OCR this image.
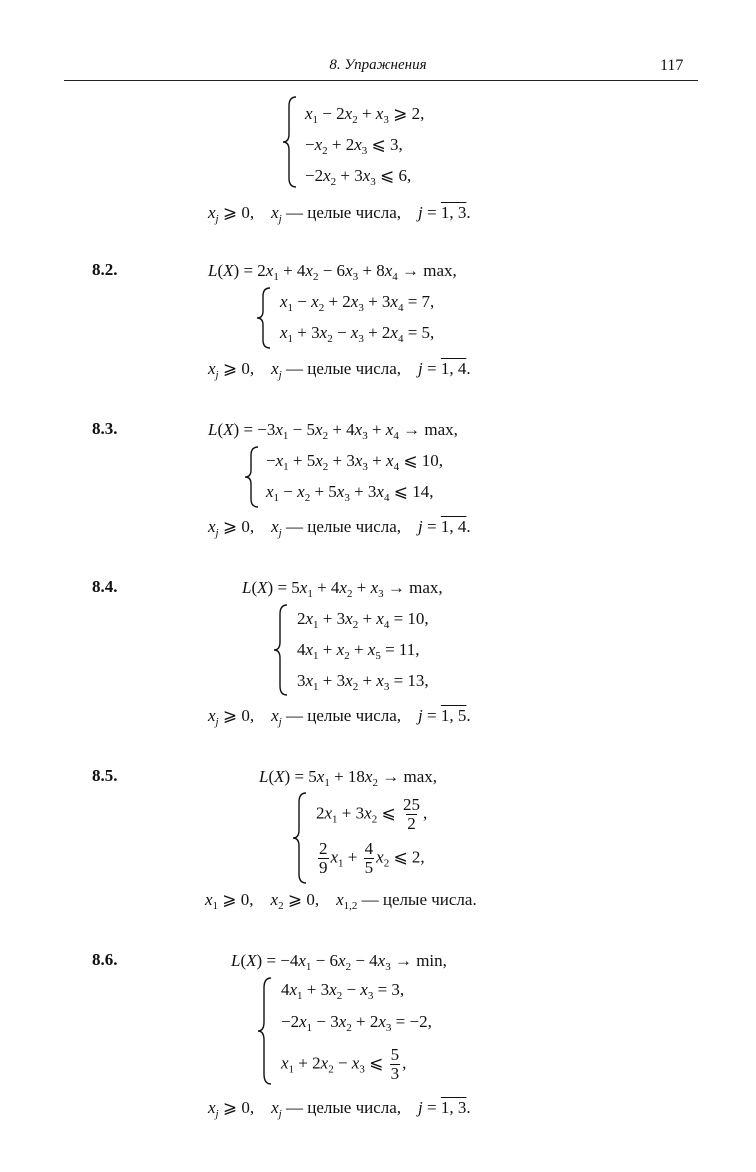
8. Упражнения	117
$x_1 - 2x_2 + x_3$ ⩾ 2,
$-x_2 + 2x_3$ ⩽ 3,
$-2x_2 + 3x_3$ ⩽ 6,
$x_j$ ⩾ 0,    $x_j$ — целые числа,    j = 1, 3.
8.2.	$L(X) = 2x_1 + 4x_2 - 6x_3 + 8x_4 \to \max$,
$x_1 - x_2 + 2x_3 + 3x_4 = 7$,
$x_1 + 3x_2 - x_3 + 2x_4 = 5$,
$x_j$ ⩾ 0,    $x_j$ — целые числа,    j = 1, 4.
8.3.	$L(X) = -3x_1 - 5x_2 + 4x_3 + x_4 \to \max$,
$-x_1 + 5x_2 + 3x_3 + x_4$ ⩽ 10,
$x_1 - x_2 + 5x_3 + 3x_4$ ⩽ 14,
$x_j$ ⩾ 0,    $x_j$ — целые числа,    j = 1, 4.
8.4.	$L(X) = 5x_1 + 4x_2 + x_3 \to \max$,
$2x_1 + 3x_2 + x_4 = 10$,
$4x_1 + x_2 + x_5 = 11$,
$3x_1 + 3x_2 + x_3 = 13$,
$x_j$ ⩾ 0,    $x_j$ — целые числа,    j = 1, 5.
8.5.	$L(X) = 5x_1 + 18x_2 \to \max$,
$2x_1 + 3x_2$ ⩽ $\frac{25}{2}$ ,
$\frac{2}{9} x_1 + \frac{4}{5} x_2$ ⩽ 2,
$x_1$ ⩾ 0,    $x_2$ ⩾ 0,    $x_{1,2}$ — целые числа.
8.6.	$L(X) = -4x_1 - 6x_2 - 4x_3 \to \min$,
$4x_1 + 3x_2 - x_3 = 3$,
$-2x_1 - 3x_2 + 2x_3 = -2$,
$x_1 + 2x_2 - x_3$ ⩽ $\frac{5}{3}$ ,
$x_j$ ⩾ 0,    $x_j$ — целые числа,    j = 1, 3.
